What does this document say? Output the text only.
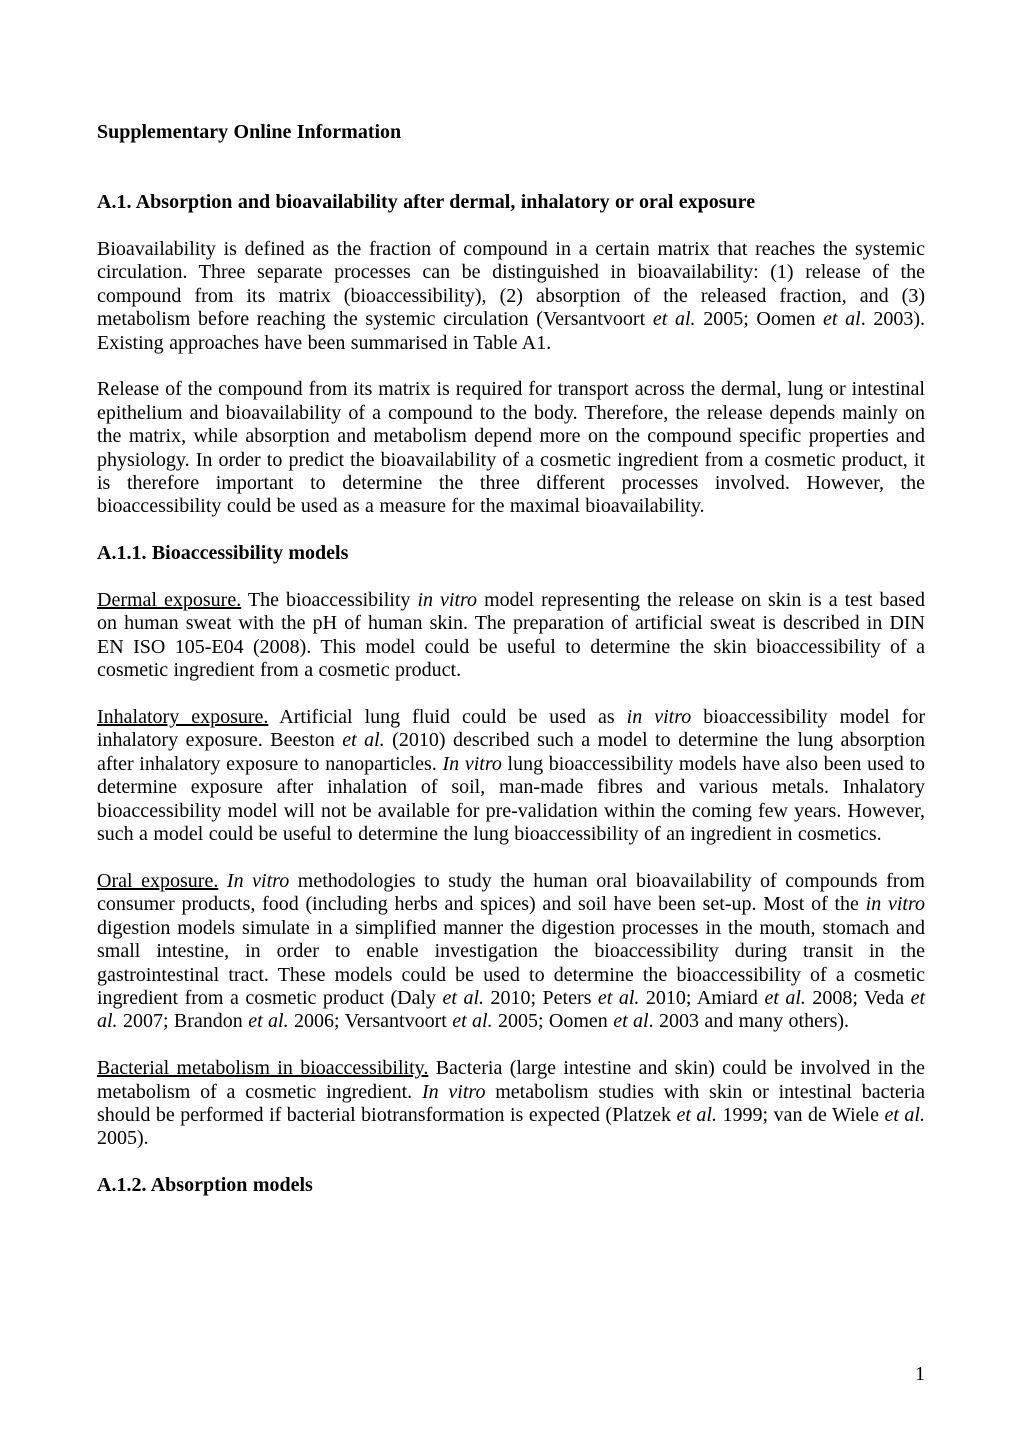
Supplementary Online Information
A.1. Absorption and bioavailability after dermal, inhalatory or oral exposure
Bioavailability is defined as the fraction of compound in a certain matrix that reaches the systemic circulation. Three separate processes can be distinguished in bioavailability: (1) release of the compound from its matrix (bioaccessibility), (2) absorption of the released fraction, and (3) metabolism before reaching the systemic circulation (Versantvoort et al. 2005; Oomen et al. 2003). Existing approaches have been summarised in Table A1.
Release of the compound from its matrix is required for transport across the dermal, lung or intestinal epithelium and bioavailability of a compound to the body. Therefore, the release depends mainly on the matrix, while absorption and metabolism depend more on the compound specific properties and physiology. In order to predict the bioavailability of a cosmetic ingredient from a cosmetic product, it is therefore important to determine the three different processes involved. However, the bioaccessibility could be used as a measure for the maximal bioavailability.
A.1.1. Bioaccessibility models
Dermal exposure. The bioaccessibility in vitro model representing the release on skin is a test based on human sweat with the pH of human skin. The preparation of artificial sweat is described in DIN EN ISO 105-E04 (2008). This model could be useful to determine the skin bioaccessibility of a cosmetic ingredient from a cosmetic product.
Inhalatory exposure. Artificial lung fluid could be used as in vitro bioaccessibility model for inhalatory exposure. Beeston et al. (2010) described such a model to determine the lung absorption after inhalatory exposure to nanoparticles. In vitro lung bioaccessibility models have also been used to determine exposure after inhalation of soil, man-made fibres and various metals. Inhalatory bioaccessibility model will not be available for pre-validation within the coming few years. However, such a model could be useful to determine the lung bioaccessibility of an ingredient in cosmetics.
Oral exposure. In vitro methodologies to study the human oral bioavailability of compounds from consumer products, food (including herbs and spices) and soil have been set-up. Most of the in vitro digestion models simulate in a simplified manner the digestion processes in the mouth, stomach and small intestine, in order to enable investigation the bioaccessibility during transit in the gastrointestinal tract. These models could be used to determine the bioaccessibility of a cosmetic ingredient from a cosmetic product (Daly et al. 2010; Peters et al. 2010; Amiard et al. 2008; Veda et al. 2007; Brandon et al. 2006; Versantvoort et al. 2005; Oomen et al. 2003 and many others).
Bacterial metabolism in bioaccessibility. Bacteria (large intestine and skin) could be involved in the metabolism of a cosmetic ingredient. In vitro metabolism studies with skin or intestinal bacteria should be performed if bacterial biotransformation is expected (Platzek et al. 1999; van de Wiele et al. 2005).
A.1.2. Absorption models
1
